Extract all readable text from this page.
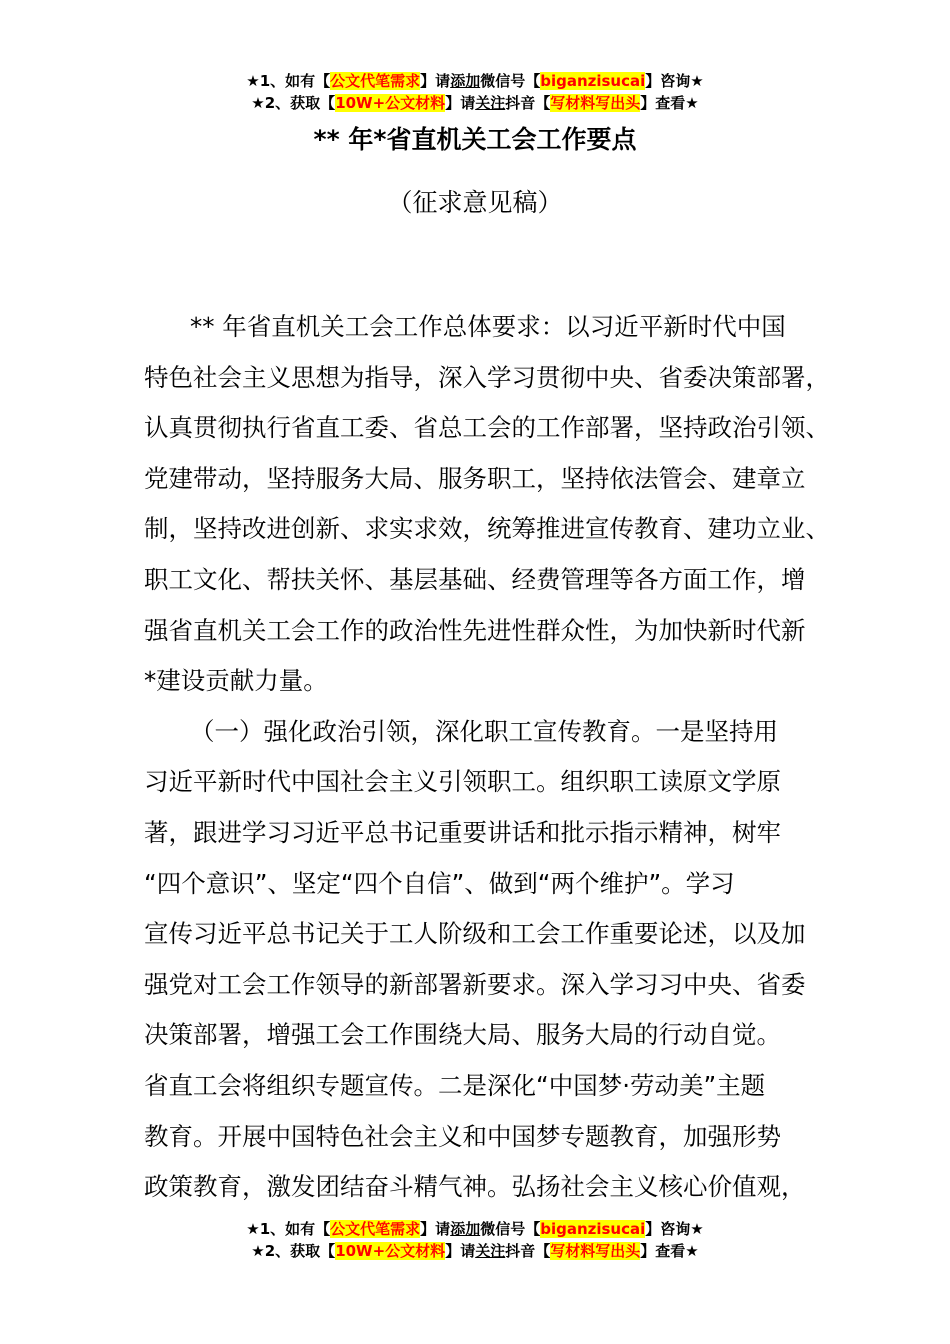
★1、如有【公文代笔需求】请添加微信号【biganzisucai】咨询★
★2、获取【10W+公文材料】请关注抖音【写材料写出头】查看★
** 年*省直机关工会工作要点
（征求意见稿）
** 年省直机关工会工作总体要求：以习近平新时代中国
特色社会主义思想为指导，深入学习贯彻中央、省委决策部署，
认真贯彻执行省直工委、省总工会的工作部署，坚持政治引领、
党建带动，坚持服务大局、服务职工，坚持依法管会、建章立
制，坚持改进创新、求实求效，统筹推进宣传教育、建功立业、
职工文化、帮扶关怀、基层基础、经费管理等各方面工作，增
强省直机关工会工作的政治性先进性群众性，为加快新时代新
*建设贡献力量。
（一）强化政治引领，深化职工宣传教育。一是坚持用
习近平新时代中国社会主义引领职工。组织职工读原文学原
著，跟进学习习近平总书记重要讲话和批示指示精神，树牢
“四个意识”、坚定“四个自信”、做到“两个维护”。学习
宣传习近平总书记关于工人阶级和工会工作重要论述，以及加
强党对工会工作领导的新部署新要求。深入学习习中央、省委
决策部署，增强工会工作围绕大局、服务大局的行动自觉。
省直工会将组织专题宣传。二是深化“中国梦·劳动美”主题
教育。开展中国特色社会主义和中国梦专题教育，加强形势
政策教育，激发团结奋斗精气神。弘扬社会主义核心价值观，
★1、如有【公文代笔需求】请添加微信号【biganzisucai】咨询★
★2、获取【10W+公文材料】请关注抖音【写材料写出头】查看★
